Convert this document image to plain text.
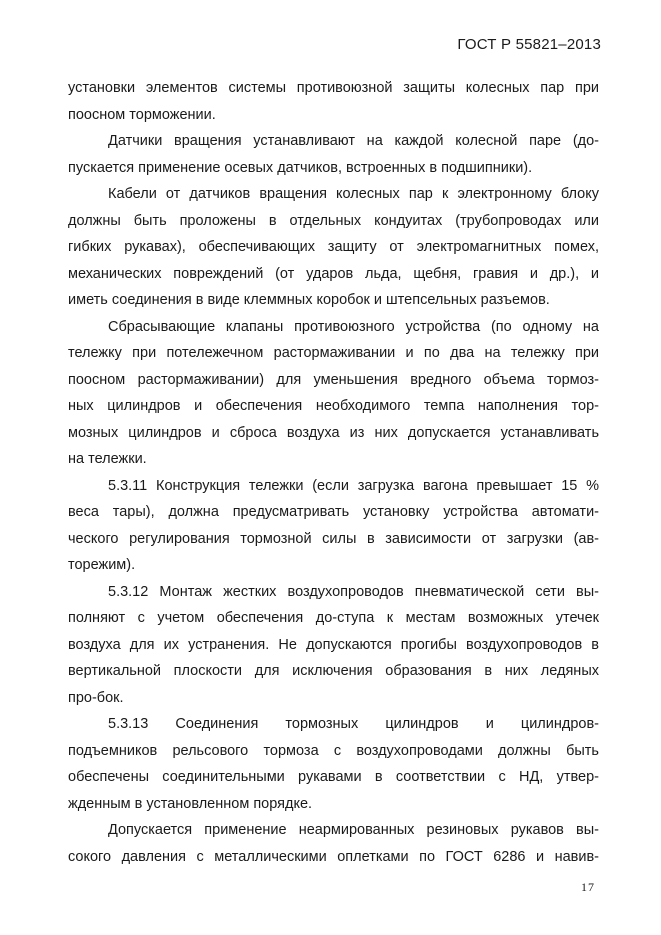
ГОСТ Р 55821–2013
установки элементов системы противоюзной защиты колесных пар при
поосном торможении.
Датчики вращения устанавливают на каждой колесной паре (до-
пускается применение осевых датчиков, встроенных в подшипники).
Кабели от датчиков вращения колесных пар к электронному блоку
должны быть проложены в отдельных кондуитах (трубопроводах или
гибких рукавах), обеспечивающих защиту от электромагнитных помех,
механических повреждений (от ударов льда, щебня, гравия и др.), и
иметь соединения в виде клеммных коробок и штепсельных разъемов.
Сбрасывающие клапаны противоюзного устройства (по одному на
тележку при потележечном растормаживании и по два на тележку при
поосном растормаживании) для уменьшения вредного объема тормоз-
ных цилиндров и обеспечения необходимого темпа наполнения тор-
мозных цилиндров и сброса воздуха из них допускается устанавливать
на тележки.
5.3.11 Конструкция тележки (если загрузка вагона превышает 15 %
веса тары), должна предусматривать установку устройства автомати-
ческого регулирования тормозной силы в зависимости от загрузки (ав-
торежим).
5.3.12 Монтаж жестких воздухопроводов пневматической сети вы-
полняют с учетом обеспечения до-ступа к местам возможных утечек
воздуха для их устранения. Не допускаются прогибы воздухопроводов в
вертикальной плоскости для исключения образования в них ледяных
про-бок.
5.3.13 Соединения тормозных цилиндров и цилиндров-
подъемников рельсового тормоза с воздухопроводами должны быть
обеспечены соединительными рукавами в соответствии с НД, утвер-
жденным в установленном порядке.
Допускается применение неармированных резиновых рукавов вы-
сокого давления с металлическими оплетками по ГОСТ 6286 и навив-
17
